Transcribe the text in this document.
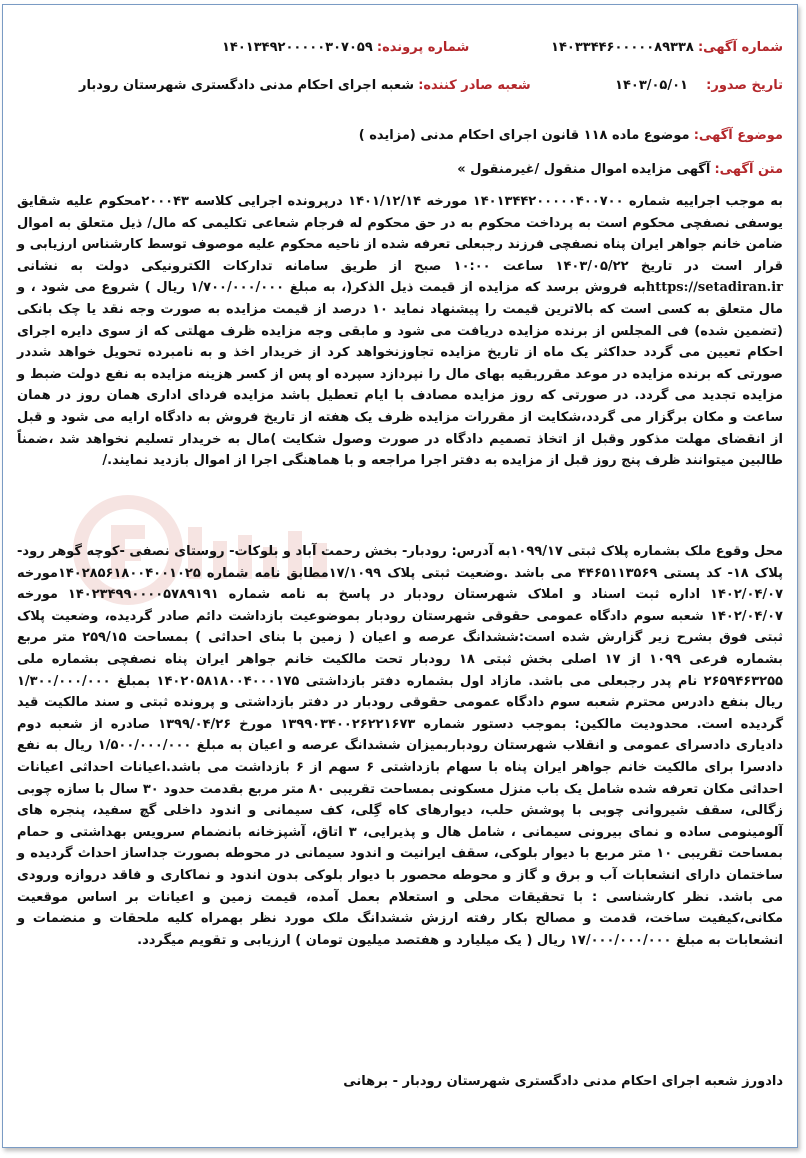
شماره آگهی: ۱۴۰۳۳۴۴۶۰۰۰۰۰۸۹۳۳۸
شماره پرونده: ۱۴۰۱۳۴۹۲۰۰۰۰۰۳۰۷۰۵۹
تاریخ صدور: ۱۴۰۳/۰۵/۰۱
شعبه صادر کننده: شعبه اجرای احکام مدنی دادگستری شهرستان رودبار
موضوع آگهی: موضوع ماده ۱۱۸ قانون اجرای احکام مدنی (مزایده )
متن آگهی: آگهی مزایده اموال منقول /غیرمنقول »
به موجب اجراییه شماره ۱۴۰۱۳۴۴۲۰۰۰۰۰۴۰۰۷۰۰ مورخه ۱۴۰۱/۱۲/۱۴ درپرونده اجرایی کلاسه ۲۰۰۰۴۳‌محکوم علیه شقایق یوسفی نصفچی محکوم است به پرداخت محکوم به در حق محکوم له فرجام شعاعی تکلیمی که مال/ ذیل متعلق به اموال ضامن خانم جواهر ایران پناه نصفچی فرزند رجبعلی تعرفه شده از ناحیه محکوم علیه موصوف توسط کارشناس ارزیابی و قرار است در تاریخ ۱۴۰۳/۰۵/۲۲ ساعت ۱۰:۰۰ صبح از طریق سامانه تدارکات الکترونیکی دولت به نشانی https://setadiran.irبه فروش برسد که مزایده از قیمت ذیل الذکر(، به مبلغ ۱/۷۰۰/۰۰۰/۰۰۰ ریال ) شروع می شود ، و مال متعلق به کسی است که بالاترین قیمت را پیشنهاد نماید ۱۰ درصد از قیمت مزایده به صورت وجه نقد یا چک بانکی (تضمین شده) فی المجلس از برنده مزایده دریافت می شود و مابقی وجه مزایده ظرف مهلتی که از سوی دایره اجرای احکام تعیین می گردد حداکثر یک ماه از تاریخ مزایده تجاوزنخواهد کرد از خریدار اخذ و به نامبرده تحویل خواهد شددر صورتی که برنده مزایده در موعد مقرربقیه بهای مال را نپردازد سپرده او پس از کسر هزینه مزایده به نفع دولت ضبط و مزایده تجدید می گردد. در صورتی که روز مزایده مصادف با ایام تعطیل باشد مزایده فردای اداری همان روز در همان ساعت و مکان برگزار می گردد،شکایت از مقررات مزایده ظرف یک هفته از تاریخ فروش به دادگاه ارایه می شود و قبل از انقضای مهلت مذکور وقبل از اتخاذ تصمیم دادگاه در صورت وصول شکایت )مال به خریدار تسلیم نخواهد شد ،ضمناً طالبین میتوانند ظرف پنج روز قبل از مزایده به دفتر اجرا مراجعه و با هماهنگی اجرا از اموال بازدید نمایند./
محل وقوع ملک بشماره پلاک ثبتی ۱۰۹۹/۱۷به آدرس: رودبار- بخش رحمت آباد و بلوکات- روستای نصفی -کوچه گوهر رود- پلاک ۱۸- کد پستی ۴۴۶۵۱۱۳۵۶۹ می باشد .وضعیت ثبتی پلاک ۱۷/۱۰۹۹مطابق نامه شماره ۱۴۰۲۸۵۶۱۸۰۰۴۰۰۱۰۲۵مورخه ۱۴۰۲/۰۴/۰۷ اداره ثبت اسناد و املاک شهرستان رودبار در پاسخ به نامه شماره ۱۴۰۲۳۴۹۹۰۰۰۰۵۷۸۹۱۹۱ مورخه ۱۴۰۲/۰۴/۰۷ شعبه سوم دادگاه عمومی حقوقی شهرستان رودبار بموضوعیت بازداشت دائم صادر گردیده، وضعیت پلاک ثبتی فوق بشرح زیر گزارش شده است:ششدانگ عرصه و اعیان ( زمین با بنای احداثی ) بمساحت ۲۵۹/۱۵ متر مربع بشماره فرعی ۱۰۹۹ از ۱۷ اصلی بخش ثبتی ۱۸ رودبار تحت مالکیت خانم جواهر ایران پناه نصفچی بشماره ملی ۲۶۵۹۴۶۳۲۵۵ نام پدر رجبعلی می باشد. مازاد اول بشماره دفتر بازداشتی ۱۴۰۲۰۵۸۱۸۰۰۴۰۰۰۱۷۵ بمبلغ ۱/۳۰۰/۰۰۰/۰۰۰ ریال بنفع دادرس محترم شعبه سوم دادگاه عمومی حقوقی رودبار در دفتر بازداشتی و پرونده ثبتی و سند مالکیت قید گردیده است. محدودیت مالکین: بموجب دستور شماره ۱۳۹۹۰۳۴۰۰۲۶۲۲۱۶۷۳ مورخ ۱۳۹۹/۰۴/۲۶ صادره از شعبه دوم دادیاری دادسرای عمومی و انقلاب شهرستان رودباربمیزان ششدانگ عرصه و اعیان به مبلغ ۱/۵۰۰/۰۰۰/۰۰۰ ریال به نفع دادسرا برای مالکیت خانم جواهر ایران پناه با سهام بازداشتی ۶ سهم از ۶ بازداشت می باشد.اعیانات احداثی اعیانات احداثی مکان تعرفه شده شامل یک باب منزل مسکونی بمساحت تقریبی ۸۰ متر مربع بقدمت حدود ۳۰ سال با سازه چوبی زگالی، سقف شیروانی چوبی با پوشش حلب، دیوارهای کاه گِلی، کف سیمانی و اندود داخلی گچ سفید، پنجره های آلومینومی ساده و نمای بیرونی سیمانی ، شامل هال و پذیرایی، ۳ اتاق، آشپزخانه بانضمام سرویس بهداشتی و حمام بمساحت تقریبی ۱۰ متر مربع با دیوار بلوکی، سقف ایرانیت و اندود سیمانی در محوطه بصورت جداساز احداث گردیده و ساختمان دارای انشعابات آب و برق و گاز و محوطه محصور با دیوار بلوکی بدون اندود و نماکاری و فاقد دروازه ورودی می باشد. نظر کارشناسی : با تحقیقات محلی و استعلام بعمل آمده، قیمت زمین و اعیانات بر اساس موقعیت مکانی،کیفیت ساخت، قدمت و مصالح بکار رفته ارزش ششدانگ ملک مورد نظر بهمراه کلیه ملحقات و منضمات و انشعابات به مبلغ ۱۷/۰۰۰/۰۰۰/۰۰۰ ریال ( یک میلیارد و هفتصد میلیون تومان ) ارزیابی و تقویم میگردد.
دادورز شعبه اجرای احکام مدنی دادگستری شهرستان رودبار - برهانی
